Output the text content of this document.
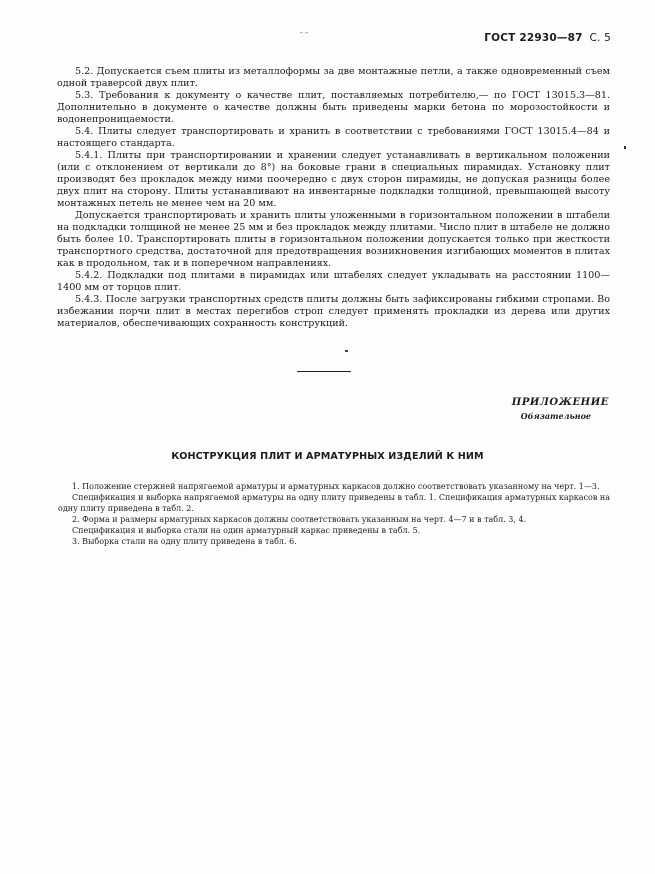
- -	ГОСТ 22930—87 С. 5

5.2. Допускается съем плиты из металлоформы за две монтажные петли, а также одновременный съем одной траверсой двух плит.

5.3. Требования к документу о качестве плит, поставляемых потребителю,— по ГОСТ 13015.3—81. Дополнительно в документе о качестве должны быть приведены марки бетона по морозостойкости и водонепроницаемости.

5.4. Плиты следует транспортировать и хранить в соответствии с требованиями ГОСТ 13015.4—84 и настоящего стандарта.

5.4.1. Плиты при транспортировании и хранении следует устанавливать в вертикальном положении (или с отклонением от вертикали до 8°) на боковые грани в специальных пирамидах. Установку плит производят без прокладок между ними поочередно с двух сторон пирамиды, не допуская разницы более двух плит на сторону. Плиты устанавливают на инвентарные подкладки толщиной, превышающей высоту монтажных петель не менее чем на 20 мм.

Допускается транспортировать и хранить плиты уложенными в горизонтальном положении в штабели на подкладки толщиной не менее 25 мм и без прокладок между плитами. Число плит в штабеле не должно быть более 10. Транспортировать плиты в горизонтальном положении допускается только при жесткости транспортного средства, достаточной для предотвращения возникновения изгибающих моментов в плитах как в продольном, так и в поперечном направлениях.

5.4.2. Подкладки под плитами в пирамидах или штабелях следует укладывать на расстоянии 1100—1400 мм от торцов плит.

5.4.3. После загрузки транспортных средств плиты должны быть зафиксированы гибкими стропами. Во избежании порчи плит в местах перегибов строп следует применять прокладки из дерева или других материалов, обеспечивающих сохранность конструкций.

ПРИЛОЖЕНИЕ
Обязательное
КОНСТРУКЦИЯ ПЛИТ И АРМАТУРНЫХ ИЗДЕЛИЙ К НИМ

1. Положение стержней напрягаемой арматуры и арматурных каркасов должно соответствовать указанному на черт. 1—3.

Спецификация и выборка напрягаемой арматуры на одну плиту приведены в табл. 1. Спецификация арматурных каркасов на одну плиту приведена в табл. 2.

2. Форма и размеры арматурных каркасов должны соответствовать указанным на черт. 4—7 и в табл. 3, 4.

Спецификация и выборка стали на один арматурный каркас приведены в табл. 5.

3. Выборка стали на одну плиту приведена в табл. 6.
